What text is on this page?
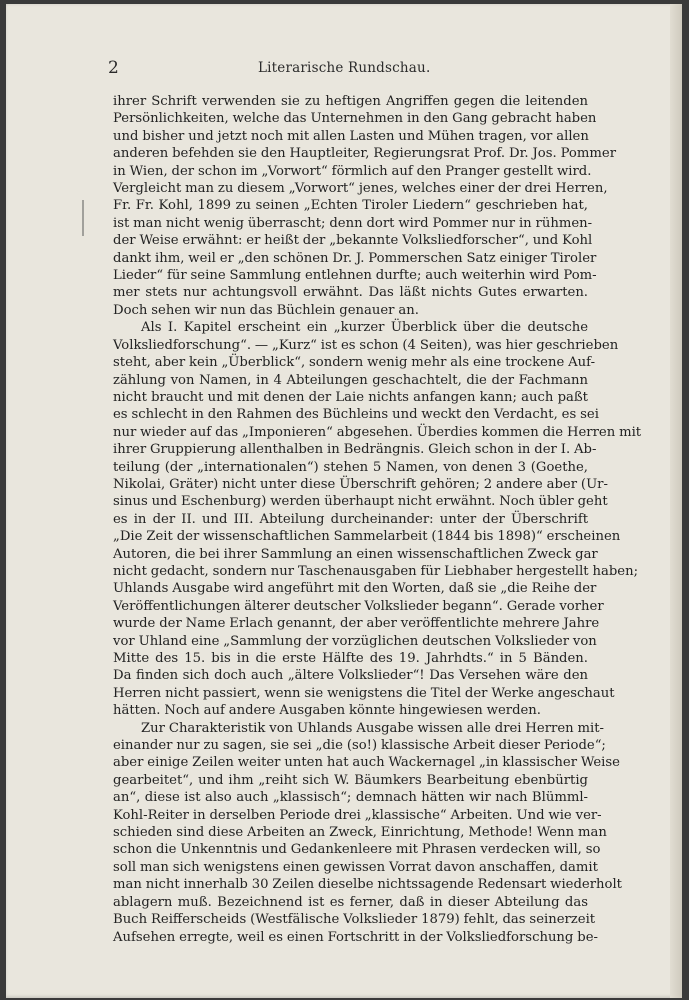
2	Literarische Rundschau.
ihrer Schrift verwenden sie zu heftigen Angriffen gegen die leitenden
Persönlichkeiten, welche das Unternehmen in den Gang gebracht haben
und bisher und jetzt noch mit allen Lasten und Mühen tragen, vor allen
anderen befehden sie den Hauptleiter, Regierungsrat Prof. Dr. Jos. Pommer
in Wien, der schon im „Vorwort“ förmlich auf den Pranger gestellt wird.
Vergleicht man zu diesem „Vorwort“ jenes, welches einer der drei Herren,
Fr. Fr. Kohl, 1899 zu seinen „Echten Tiroler Liedern“ geschrieben hat,
ist man nicht wenig überrascht; denn dort wird Pommer nur in rühmen-
der Weise erwähnt: er heißt der „bekannte Volksliedforscher“, und Kohl
dankt ihm, weil er „den schönen Dr. J. Pommerschen Satz einiger Tiroler
Lieder“ für seine Sammlung entlehnen durfte; auch weiterhin wird Pom-
mer stets nur achtungsvoll erwähnt. Das läßt nichts Gutes erwarten.
Doch sehen wir nun das Büchlein genauer an.
Als I. Kapitel erscheint ein „kurzer Überblick über die deutsche
Volksliedforschung“. — „Kurz“ ist es schon (4 Seiten), was hier geschrieben
steht, aber kein „Überblick“, sondern wenig mehr als eine trockene Auf-
zählung von Namen, in 4 Abteilungen geschachtelt, die der Fachmann
nicht braucht und mit denen der Laie nichts anfangen kann; auch paßt
es schlecht in den Rahmen des Büchleins und weckt den Verdacht, es sei
nur wieder auf das „Imponieren“ abgesehen. Überdies kommen die Herren mit
ihrer Gruppierung allenthalben in Bedrängnis. Gleich schon in der I. Ab-
teilung (der „internationalen“) stehen 5 Namen, von denen 3 (Goethe,
Nikolai, Gräter) nicht unter diese Überschrift gehören; 2 andere aber (Ur-
sinus und Eschenburg) werden überhaupt nicht erwähnt. Noch übler geht
es in der II. und III. Abteilung durcheinander: unter der Überschrift
„Die Zeit der wissenschaftlichen Sammelarbeit (1844 bis 1898)“ erscheinen
Autoren, die bei ihrer Sammlung an einen wissenschaftlichen Zweck gar
nicht gedacht, sondern nur Taschenausgaben für Liebhaber hergestellt haben;
Uhlands Ausgabe wird angeführt mit den Worten, daß sie „die Reihe der
Veröffentlichungen älterer deutscher Volkslieder begann“. Gerade vorher
wurde der Name Erlach genannt, der aber veröffentlichte mehrere Jahre
vor Uhland eine „Sammlung der vorzüglichen deutschen Volkslieder von
Mitte des 15. bis in die erste Hälfte des 19. Jahrhdts.“ in 5 Bänden.
Da finden sich doch auch „ältere Volkslieder“! Das Versehen wäre den
Herren nicht passiert, wenn sie wenigstens die Titel der Werke angeschaut
hätten. Noch auf andere Ausgaben könnte hingewiesen werden.
Zur Charakteristik von Uhlands Ausgabe wissen alle drei Herren mit-
einander nur zu sagen, sie sei „die (so!) klassische Arbeit dieser Periode“;
aber einige Zeilen weiter unten hat auch Wackernagel „in klassischer Weise
gearbeitet“, und ihm „reiht sich W. Bäumkers Bearbeitung ebenbürtig
an“, diese ist also auch „klassisch“; demnach hätten wir nach Blümml-
Kohl-Reiter in derselben Periode drei „klassische“ Arbeiten. Und wie ver-
schieden sind diese Arbeiten an Zweck, Einrichtung, Methode! Wenn man
schon die Unkenntnis und Gedankenleere mit Phrasen verdecken will, so
soll man sich wenigstens einen gewissen Vorrat davon anschaffen, damit
man nicht innerhalb 30 Zeilen dieselbe nichtssagende Redensart wiederholt
ablagern muß. Bezeichnend ist es ferner, daß in dieser Abteilung das
Buch Reifferscheids (Westfälische Volkslieder 1879) fehlt, das seinerzeit
Aufsehen erregte, weil es einen Fortschritt in der Volksliedforschung be-
